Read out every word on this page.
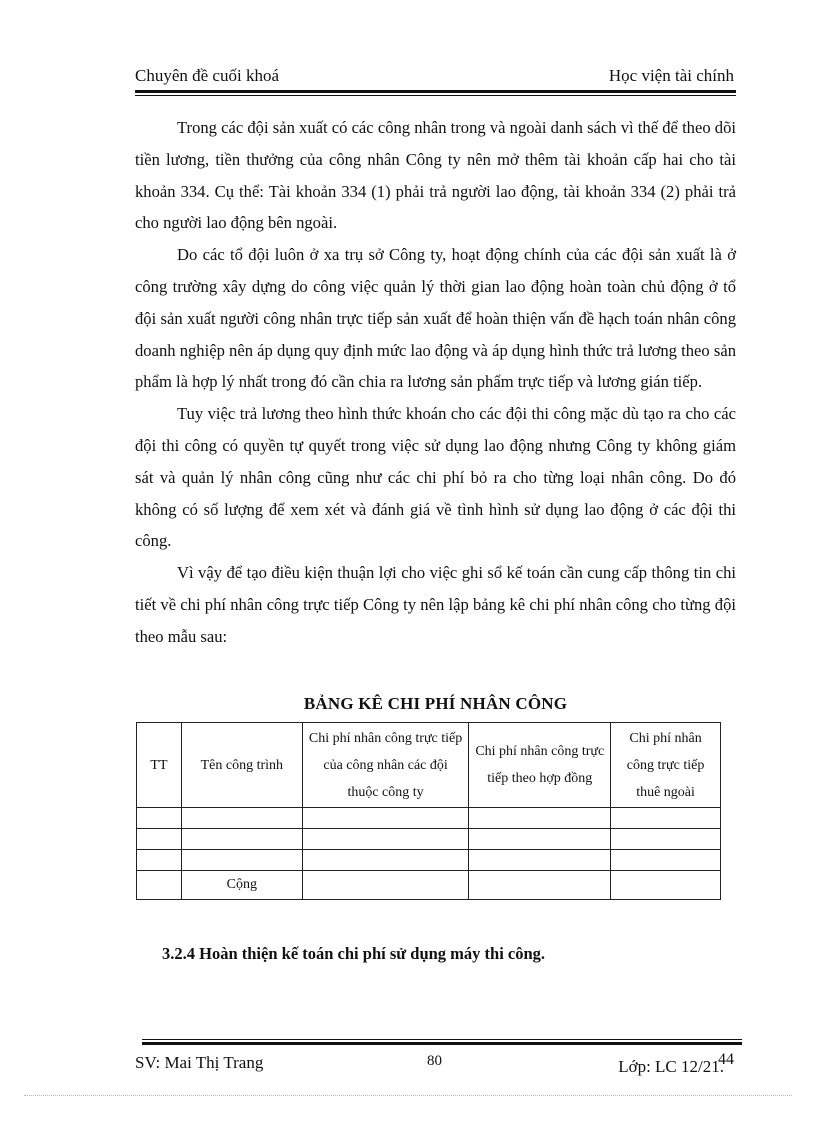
Chuyên đề cuối khoá	Học viện tài chính

Trong các đội sản xuất có các công nhân trong và ngoài danh sách vì thế để theo dõi tiền lương, tiền thưởng của công nhân Công ty nên mở thêm tài khoản cấp hai cho tài khoản 334. Cụ thể: Tài khoản 334 (1) phải trả người lao động, tài khoản 334 (2) phải trả cho người lao động bên ngoài.

Do các tổ đội luôn ở xa trụ sở Công ty, hoạt động chính của các đội sản xuất là ở công trường xây dựng do công việc quản lý thời gian lao động hoàn toàn chủ động ở tổ đội sản xuất người công nhân trực tiếp sản xuất để hoàn thiện vấn đề hạch toán nhân công doanh nghiệp nên áp dụng quy định mức lao động và áp dụng hình thức trả lương theo sản phẩm là hợp lý nhất trong đó cần chia ra lương sản phẩm trực tiếp và lương gián tiếp.

Tuy việc trả lương theo hình thức khoán cho các đội thi công mặc dù tạo ra cho các đội thi công có quyền tự quyết trong việc sử dụng lao động nhưng Công ty không giám sát và quản lý nhân công cũng như các chi phí bỏ ra cho từng loại nhân công. Do đó không có số lượng để xem xét và đánh giá về tình hình sử dụng lao động ở các đội thi công.

Vì vậy để tạo điều kiện thuận lợi cho việc ghi sổ kế toán cần cung cấp thông tin chi tiết về chi phí nhân công trực tiếp Công ty nên lập bảng kê chi phí nhân công cho từng đội theo mẫu sau:

BẢNG KÊ CHI PHÍ NHÂN CÔNG
TT	Tên công trình	Chi phí nhân công trực tiếp của công nhân các đội thuộc công ty	Chi phí nhân công trực tiếp theo hợp đồng	Chi phí nhân công trực tiếp thuê ngoài

	Cộng			
3.2.4 Hoàn thiện kế toán chi phí sử dụng máy thi công.
SV: Mai Thị Trang	80	Lớp: LC 12/21.
44
